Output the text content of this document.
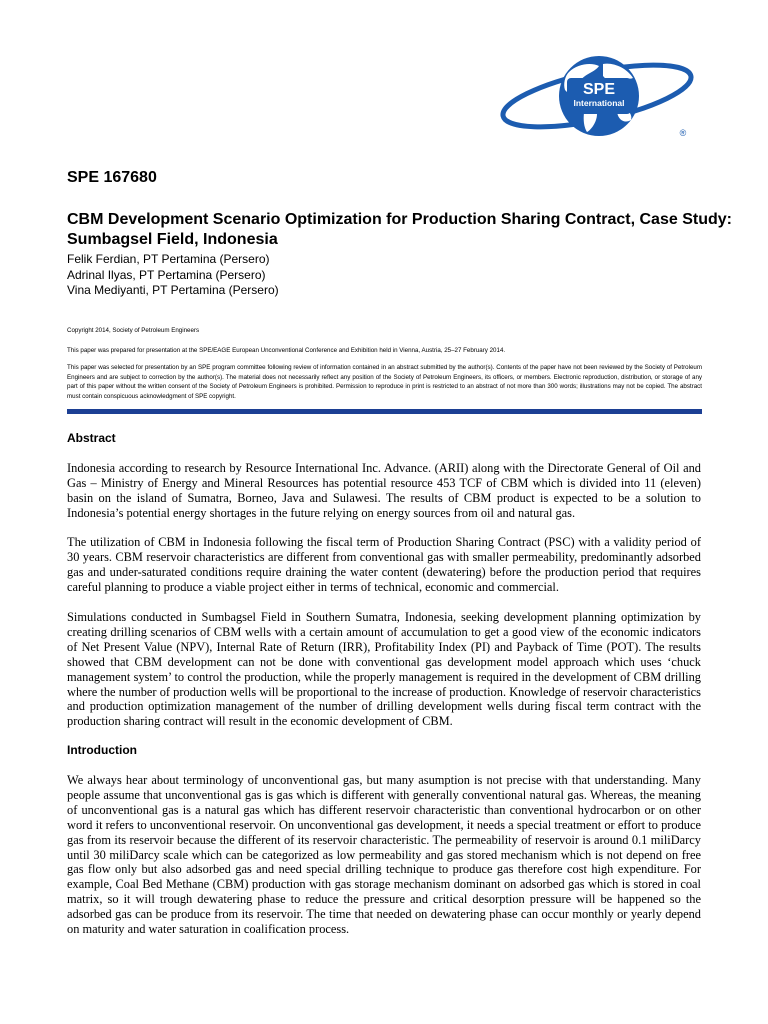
SPE
International
®
SPE 167680
CBM Development Scenario Optimization for Production Sharing Contract, Case Study: Sumbagsel Field, Indonesia
Felik Ferdian, PT Pertamina (Persero)
Adrinal Ilyas, PT Pertamina (Persero)
Vina Mediyanti, PT Pertamina (Persero)

Copyright 2014, Society of Petroleum Engineers

This paper was prepared for presentation at the SPE/EAGE European Unconventional Conference and Exhibition held in Vienna, Austria, 25–27 February 2014.

This paper was selected for presentation by an SPE program committee following review of information contained in an abstract submitted by the author(s). Contents of the paper have not been reviewed by the Society of Petroleum Engineers and are subject to correction by the author(s). The material does not necessarily reflect any position of the Society of Petroleum Engineers, its officers, or members. Electronic reproduction, distribution, or storage of any part of this paper without the written consent of the Society of Petroleum Engineers is prohibited. Permission to reproduce in print is restricted to an abstract of not more than 300 words; illustrations may not be copied. The abstract must contain conspicuous acknowledgment of SPE copyright.

Abstract

Indonesia according to research by Resource International Inc. Advance. (ARII) along with the Directorate General of Oil and Gas – Ministry of Energy and Mineral Resources has potential resource 453 TCF of CBM which is divided into 11 (eleven) basin on the island of Sumatra, Borneo, Java and Sulawesi. The results of CBM product is expected to be a solution to Indonesia’s potential energy shortages in the future relying on energy sources from oil and natural gas.

The utilization of CBM in Indonesia following the fiscal term of Production Sharing Contract (PSC) with a validity period of 30 years. CBM reservoir characteristics are different from conventional gas with smaller permeability, predominantly adsorbed gas and under-saturated conditions require draining the water content (dewatering) before the production period that requires careful planning to produce a viable project either in terms of technical, economic and commercial.

Simulations conducted in Sumbagsel Field in Southern Sumatra, Indonesia, seeking development planning optimization by creating drilling scenarios of CBM wells with a certain amount of accumulation to get a good view of the economic indicators of Net Present Value (NPV), Internal Rate of Return (IRR), Profitability Index (PI) and Payback of Time (POT). The results showed that CBM development can not be done with conventional gas development model approach which uses ‘chuck management system’ to control the production, while the properly management is required in the development of CBM drilling where the number of production wells will be proportional to the increase of production. Knowledge of reservoir characteristics and production optimization management of the number of drilling development wells during fiscal term contract with the production sharing contract will result in the economic development of CBM.

Introduction

We always hear about terminology of unconventional gas, but many asumption is not precise with that understanding. Many people assume that unconventional gas is gas which is different with generally conventional natural gas. Whereas, the meaning of unconventional gas is a natural gas which has different reservoir characteristic than conventional hydrocarbon or on other word it refers to unconventional reservoir. On unconventional gas development, it needs a special treatment or effort to produce gas from its reservoir because the different of its reservoir characteristic. The permeability of reservoir is around 0.1 miliDarcy until 30 miliDarcy scale which can be categorized as low permeability and gas stored mechanism which is not depend on free gas flow only but also adsorbed gas and need special drilling technique to produce gas therefore cost high expenditure. For example, Coal Bed Methane (CBM) production with gas storage mechanism dominant on adsorbed gas which is stored in coal matrix, so it will trough dewatering phase to reduce the pressure and critical desorption pressure will be happened so the adsorbed gas can be produce from its reservoir. The time that needed on dewatering phase can occur monthly or yearly depend on maturity and water saturation in coalification process.
